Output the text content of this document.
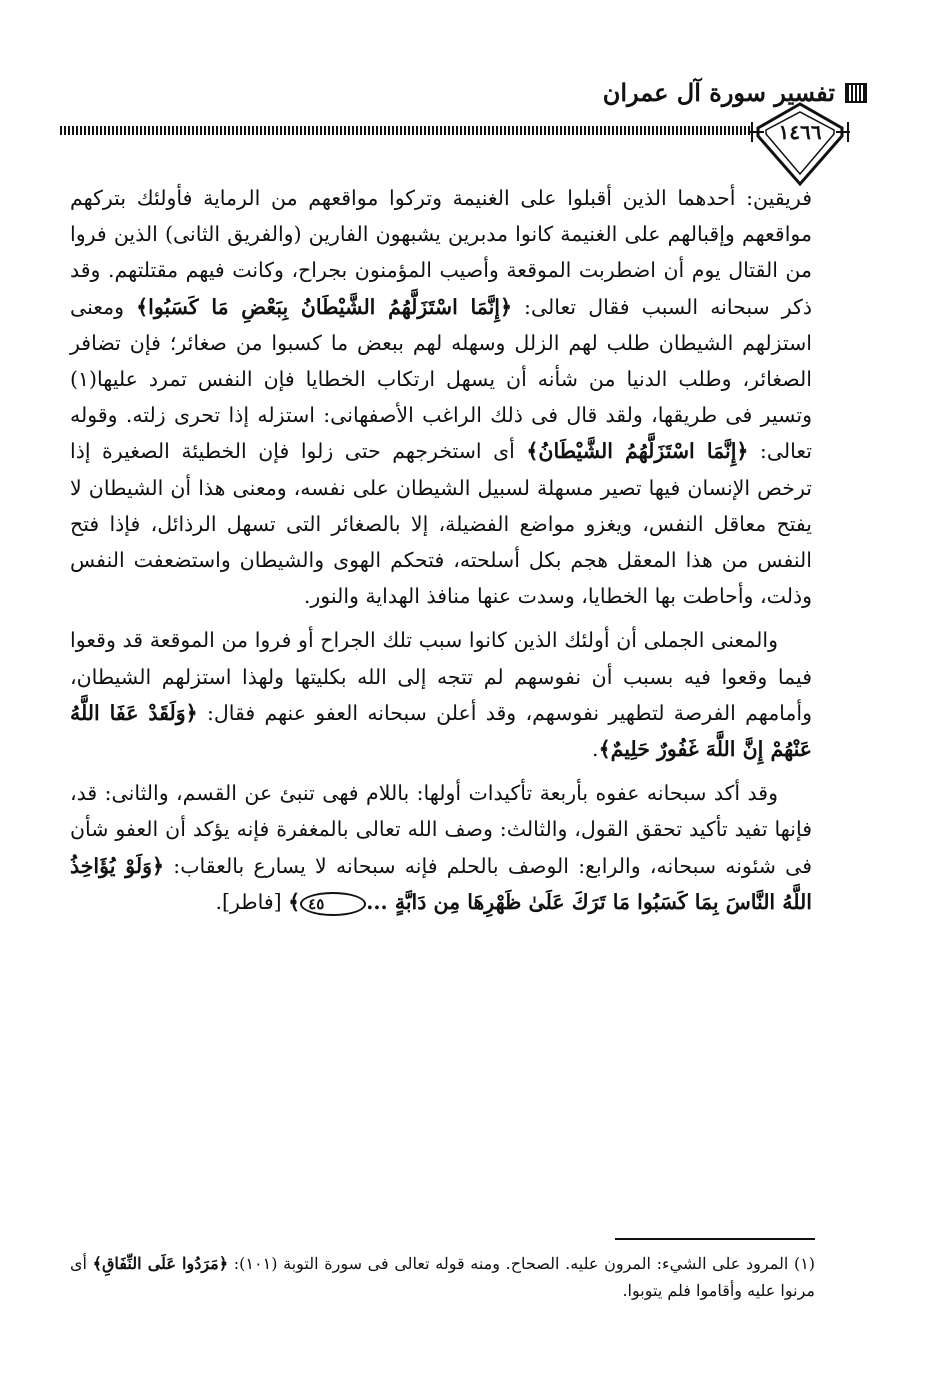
تفسير سورة آل عمران
١٤٦٦

فريقين: أحدهما الذين أقبلوا على الغنيمة وتركوا مواقعهم من الرماية فأولئك بتركهم مواقعهم وإقبالهم على الغنيمة كانوا مدبرين يشبهون الفارين (والفريق الثانى) الذين فروا من القتال يوم أن اضطربت الموقعة وأصيب المؤمنون بجراح، وكانت فيهم مقتلتهم. وقد ذكر سبحانه السبب فقال تعالى: ﴿إِنَّمَا اسْتَزَلَّهُمُ الشَّيْطَانُ بِبَعْضِ مَا كَسَبُوا﴾ ومعنى استزلهم الشيطان طلب لهم الزلل وسهله لهم ببعض ما كسبوا من صغائر؛ فإن تضافر الصغائر، وطلب الدنيا من شأنه أن يسهل ارتكاب الخطايا فإن النفس تمرد عليها(١) وتسير فى طريقها، ولقد قال فى ذلك الراغب الأصفهانى: استزله إذا تحرى زلته. وقوله تعالى: ﴿إِنَّمَا اسْتَزَلَّهُمُ الشَّيْطَانُ﴾ أى استخرجهم حتى زلوا فإن الخطيئة الصغيرة إذا ترخص الإنسان فيها تصير مسهلة لسبيل الشيطان على نفسه، ومعنى هذا أن الشيطان لا يفتح معاقل النفس، ويغزو مواضع الفضيلة، إلا بالصغائر التى تسهل الرذائل، فإذا فتح النفس من هذا المعقل هجم بكل أسلحته، فتحكم الهوى والشيطان واستضعفت النفس وذلت، وأحاطت بها الخطايا، وسدت عنها منافذ الهداية والنور.

والمعنى الجملى أن أولئك الذين كانوا سبب تلك الجراح أو فروا من الموقعة قد وقعوا فيما وقعوا فيه بسبب أن نفوسهم لم تتجه إلى الله بكليتها ولهذا استزلهم الشيطان، وأمامهم الفرصة لتطهير نفوسهم، وقد أعلن سبحانه العفو عنهم فقال: ﴿وَلَقَدْ عَفَا اللَّهُ عَنْهُمْ إِنَّ اللَّهَ غَفُورٌ حَلِيمٌ﴾.

وقد أكد سبحانه عفوه بأربعة تأكيدات أولها: باللام فهى تنبئ عن القسم، والثانى: قد، فإنها تفيد تأكيد تحقق القول، والثالث: وصف الله تعالى بالمغفرة فإنه يؤكد أن العفو شأن فى شئونه سبحانه، والرابع: الوصف بالحلم فإنه سبحانه لا يسارع بالعقاب: ﴿وَلَوْ يُؤَاخِذُ اللَّهُ النَّاسَ بِمَا كَسَبُوا مَا تَرَكَ عَلَىٰ ظَهْرِهَا مِن دَابَّةٍ ...٤٥﴾ [فاطر].

(١) المرود على الشيء: المرون عليه. الصحاح. ومنه قوله تعالى فى سورة التوبة (١٠١): ﴿مَرَدُوا عَلَى النِّفَاقِ﴾ أى مرنوا عليه وأقاموا فلم يتوبوا.
